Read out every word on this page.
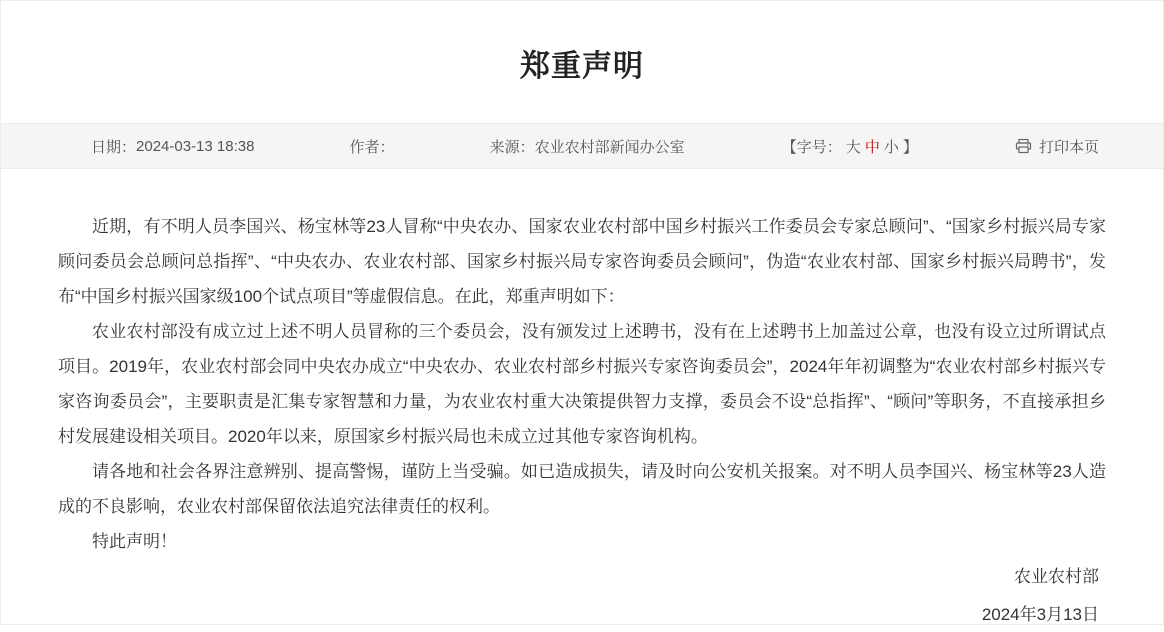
郑重声明
日期： 2024-03-13 18:38	作者：	来源： 农业农村部新闻办公室	【字号： 大 中 小 】	打印本页

近期，有不明人员李国兴、杨宝林等23人冒称“中央农办、国家农业农村部中国乡村振兴工作委员会专家总顾问”、“国家乡村振兴局专家顾问委员会总顾问总指挥”、“中央农办、农业农村部、国家乡村振兴局专家咨询委员会顾问”，伪造“农业农村部、国家乡村振兴局聘书”，发布“中国乡村振兴国家级100个试点项目”等虚假信息。在此，郑重声明如下：

农业农村部没有成立过上述不明人员冒称的三个委员会，没有颁发过上述聘书，没有在上述聘书上加盖过公章，也没有设立过所谓试点项目。2019年，农业农村部会同中央农办成立“中央农办、农业农村部乡村振兴专家咨询委员会”，2024年年初调整为“农业农村部乡村振兴专家咨询委员会”，主要职责是汇集专家智慧和力量，为农业农村重大决策提供智力支撑，委员会不设“总指挥”、“顾问”等职务，不直接承担乡村发展建设相关项目。2020年以来，原国家乡村振兴局也未成立过其他专家咨询机构。

请各地和社会各界注意辨别、提高警惕，谨防上当受骗。如已造成损失，请及时向公安机关报案。对不明人员李国兴、杨宝林等23人造成的不良影响，农业农村部保留依法追究法律责任的权利。

特此声明！

农业农村部
2024年3月13日
